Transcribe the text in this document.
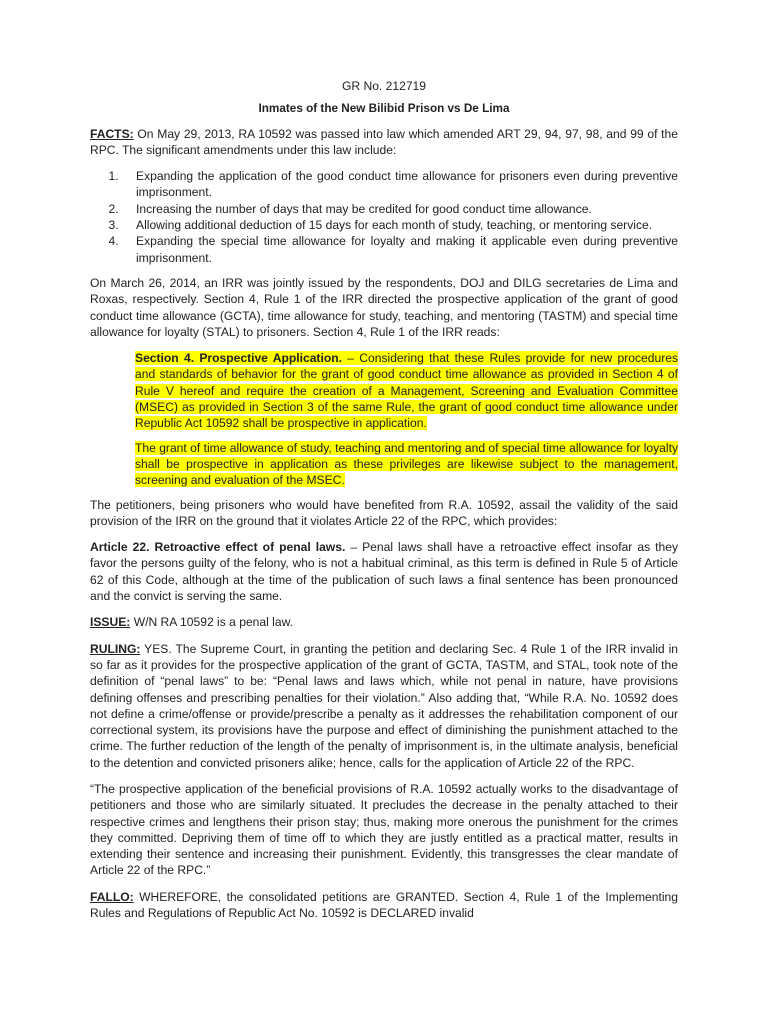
GR No. 212719
Inmates of the New Bilibid Prison vs De Lima

FACTS: On May 29, 2013, RA 10592 was passed into law which amended ART 29, 94, 97, 98, and 99 of the RPC. The significant amendments under this law include:

1. Expanding the application of the good conduct time allowance for prisoners even during preventive imprisonment.
2. Increasing the number of days that may be credited for good conduct time allowance.
3. Allowing additional deduction of 15 days for each month of study, teaching, or mentoring service.
4. Expanding the special time allowance for loyalty and making it applicable even during preventive imprisonment.

On March 26, 2014, an IRR was jointly issued by the respondents, DOJ and DILG secretaries de Lima and Roxas, respectively. Section 4, Rule 1 of the IRR directed the prospective application of the grant of good conduct time allowance (GCTA), time allowance for study, teaching, and mentoring (TASTM) and special time allowance for loyalty (STAL) to prisoners. Section 4, Rule 1 of the IRR reads:

Section 4. Prospective Application. – Considering that these Rules provide for new procedures and standards of behavior for the grant of good conduct time allowance as provided in Section 4 of Rule V hereof and require the creation of a Management, Screening and Evaluation Committee (MSEC) as provided in Section 3 of the same Rule, the grant of good conduct time allowance under Republic Act 10592 shall be prospective in application.

The grant of time allowance of study, teaching and mentoring and of special time allowance for loyalty shall be prospective in application as these privileges are likewise subject to the management, screening and evaluation of the MSEC.

The petitioners, being prisoners who would have benefited from R.A. 10592, assail the validity of the said provision of the IRR on the ground that it violates Article 22 of the RPC, which provides:

Article 22. Retroactive effect of penal laws. – Penal laws shall have a retroactive effect insofar as they favor the persons guilty of the felony, who is not a habitual criminal, as this term is defined in Rule 5 of Article 62 of this Code, although at the time of the publication of such laws a final sentence has been pronounced and the convict is serving the same.

ISSUE: W/N RA 10592 is a penal law.

RULING: YES. The Supreme Court, in granting the petition and declaring Sec. 4 Rule 1 of the IRR invalid in so far as it provides for the prospective application of the grant of GCTA, TASTM, and STAL, took note of the definition of “penal laws” to be: “Penal laws and laws which, while not penal in nature, have provisions defining offenses and prescribing penalties for their violation.” Also adding that, “While R.A. No. 10592 does not define a crime/offense or provide/prescribe a penalty as it addresses the rehabilitation component of our correctional system, its provisions have the purpose and effect of diminishing the punishment attached to the crime. The further reduction of the length of the penalty of imprisonment is, in the ultimate analysis, beneficial to the detention and convicted prisoners alike; hence, calls for the application of Article 22 of the RPC.

“The prospective application of the beneficial provisions of R.A. 10592 actually works to the disadvantage of petitioners and those who are similarly situated. It precludes the decrease in the penalty attached to their respective crimes and lengthens their prison stay; thus, making more onerous the punishment for the crimes they committed. Depriving them of time off to which they are justly entitled as a practical matter, results in extending their sentence and increasing their punishment. Evidently, this transgresses the clear mandate of Article 22 of the RPC.”

FALLO: WHEREFORE, the consolidated petitions are GRANTED. Section 4, Rule 1 of the Implementing Rules and Regulations of Republic Act No. 10592 is DECLARED invalid
